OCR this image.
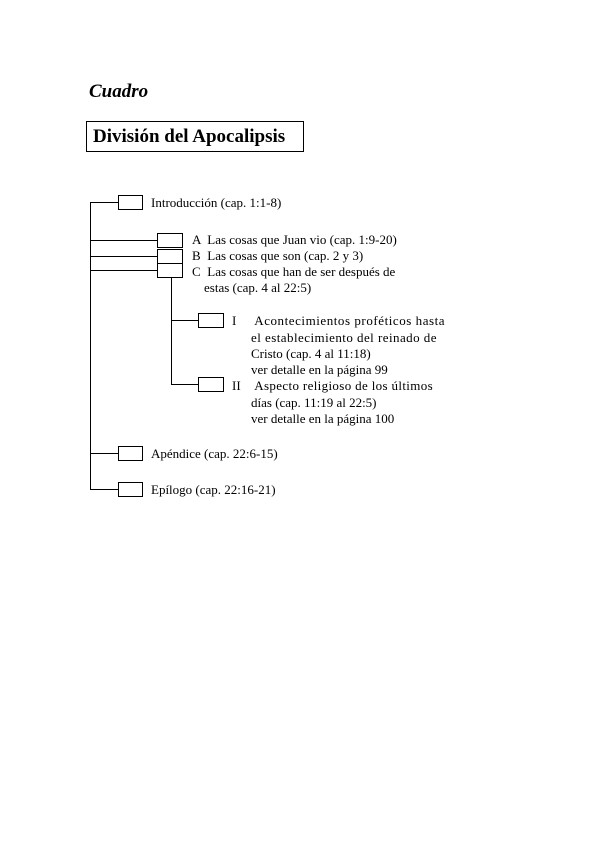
Cuadro
División del Apocalipsis
Introducción (cap. 1:1-8)
A Las cosas que Juan vio (cap. 1:9-20)
B Las cosas que son (cap. 2 y 3)
C Las cosas que han de ser después de
estas (cap. 4 al 22:5)
I Acontecimientos proféticos hasta
el establecimiento del reinado de
Cristo (cap. 4 al 11:18)
ver detalle en la página 99
II Aspecto religioso de los últimos
días (cap. 11:19 al 22:5)
ver detalle en la página 100
Apéndice (cap. 22:6-15)
Epílogo (cap. 22:16-21)
